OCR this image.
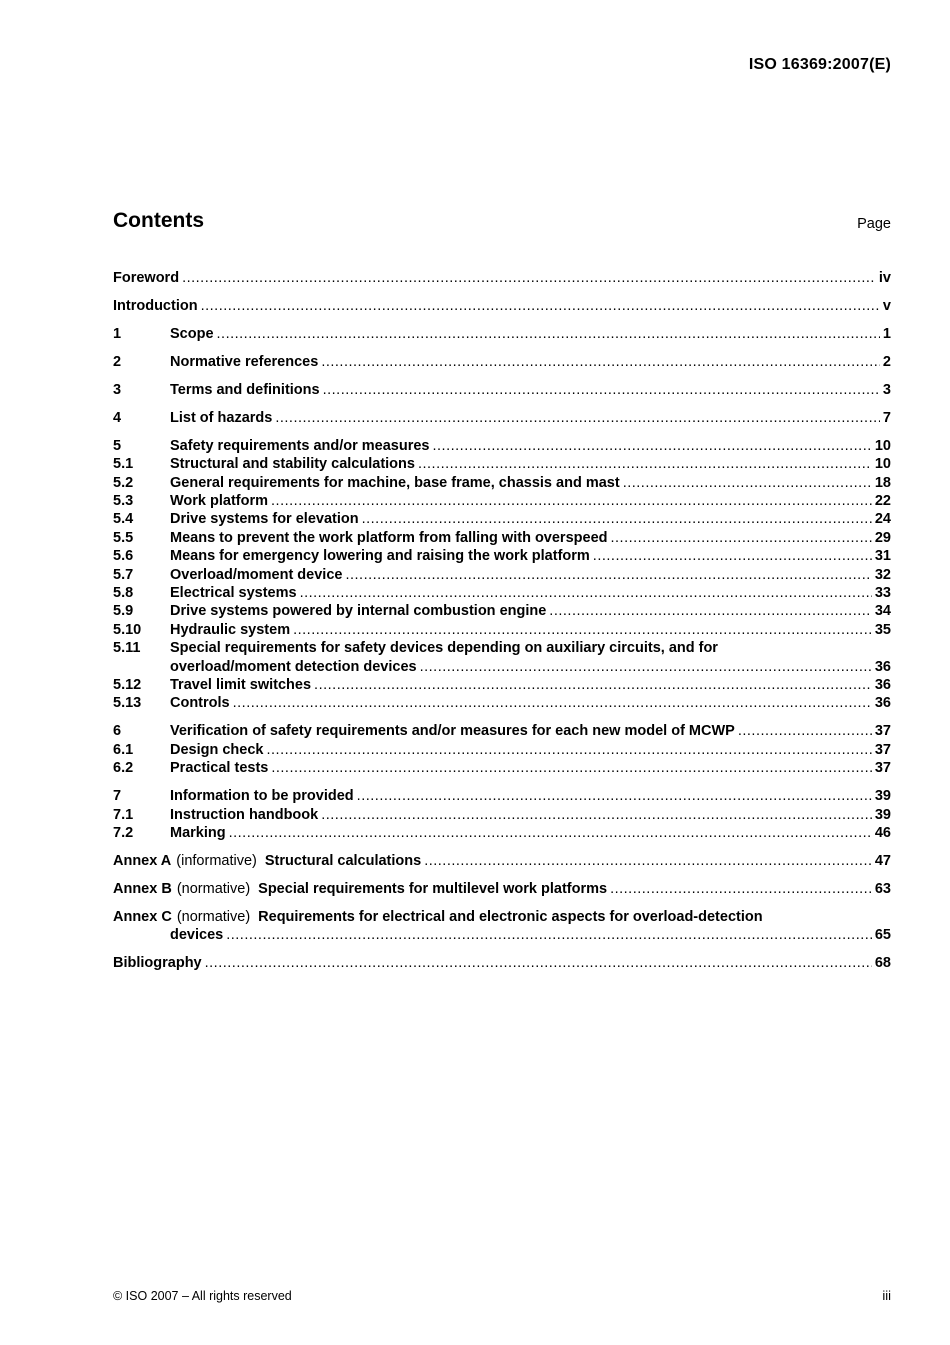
ISO 16369:2007(E)
Contents	Page
Foreword .....	iv
Introduction .....	v
1	Scope .....	1
2	Normative references .....	2
3	Terms and definitions .....	3
4	List of hazards .....	7
5	Safety requirements and/or measures .....	10
5.1	Structural and stability calculations .....	10
5.2	General requirements for machine, base frame, chassis and mast .....	18
5.3	Work platform .....	22
5.4	Drive systems for elevation .....	24
5.5	Means to prevent the work platform from falling with overspeed .....	29
5.6	Means for emergency lowering and raising the work platform .....	31
5.7	Overload/moment device .....	32
5.8	Electrical systems .....	33
5.9	Drive systems powered by internal combustion engine .....	34
5.10	Hydraulic system .....	35
5.11	Special requirements for safety devices depending on auxiliary circuits, and for
overload/moment detection devices .....	36
5.12	Travel limit switches .....	36
5.13	Controls .....	36
6	Verification of safety requirements and/or measures for each new model of MCWP .....	37
6.1	Design check .....	37
6.2	Practical tests .....	37
7	Information to be provided .....	39
7.1	Instruction handbook .....	39
7.2	Marking .....	46
Annex A (informative) Structural calculations .....	47
Annex B (normative) Special requirements for multilevel work platforms .....	63
Annex C (normative) Requirements for electrical and electronic aspects for overload-detection
devices .....	65
Bibliography .....	68
© ISO 2007 – All rights reserved	iii
